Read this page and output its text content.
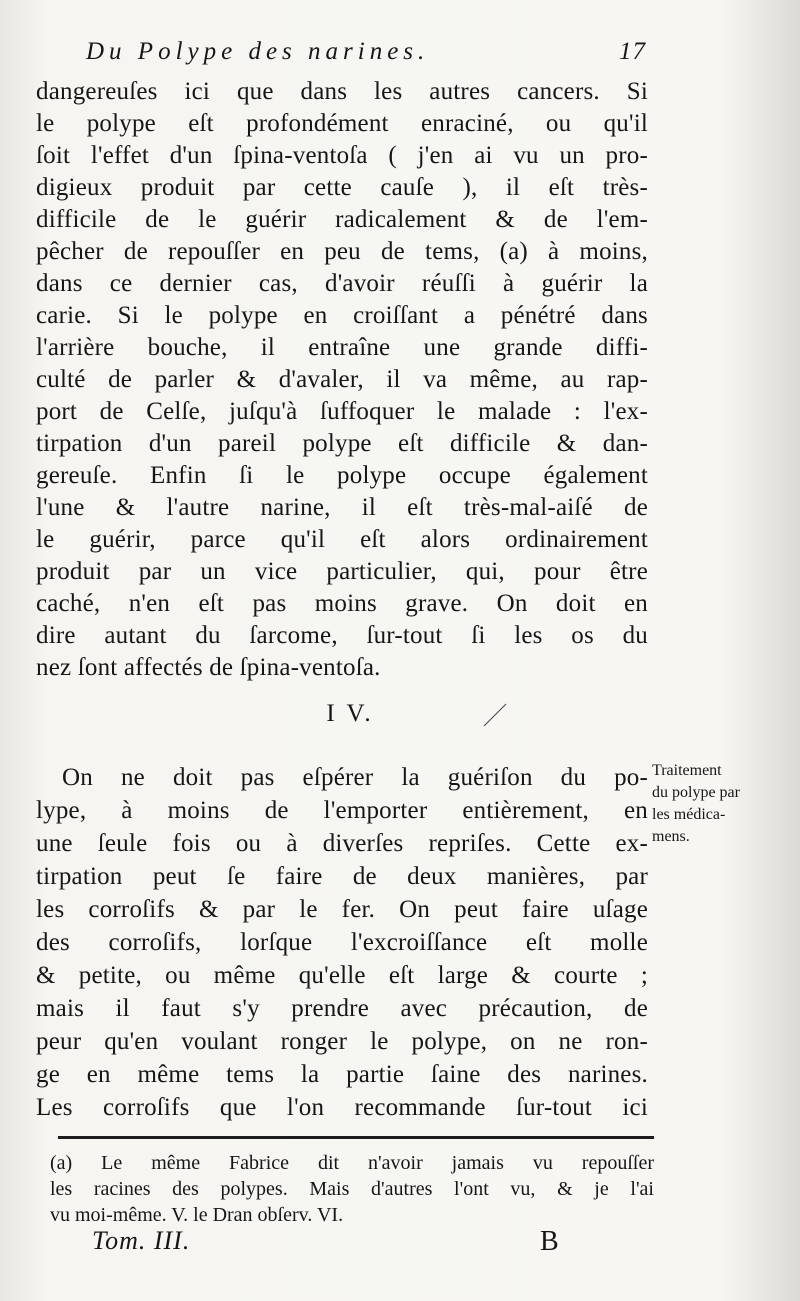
Du Polype des narines.	17

dangereuſes ici que dans les autres cancers. Si

le polype eſt profondément enraciné, ou qu'il

ſoit l'effet d'un ſpina-ventoſa ( j'en ai vu un pro-

digieux produit par cette cauſe ), il eſt très-

difficile de le guérir radicalement & de l'em-

pêcher de repouſſer en peu de tems, (a) à moins,

dans ce dernier cas, d'avoir réuſſi à guérir la

carie. Si le polype en croiſſant a pénétré dans

l'arrière bouche, il entraîne une grande diffi-

culté de parler & d'avaler, il va même, au rap-

port de Celſe, juſqu'à ſuffoquer le malade : l'ex-

tirpation d'un pareil polype eſt difficile & dan-

gereuſe. Enfin ſi le polype occupe également

l'une & l'autre narine, il eſt très-mal-aiſé de

le guérir, parce qu'il eſt alors ordinairement

produit par un vice particulier, qui, pour être

caché, n'en eſt pas moins grave. On doit en

dire autant du ſarcome, ſur-tout ſi les os du

nez ſont affectés de ſpina-ventoſa.

I V.

On ne doit pas eſpérer la guériſon du po-

lype, à moins de l'emporter entièrement, en

une ſeule fois ou à diverſes repriſes. Cette ex-

tirpation peut ſe faire de deux manières, par

les corroſifs & par le fer. On peut faire uſage

des corroſifs, lorſque l'excroiſſance eſt molle

& petite, ou même qu'elle eſt large & courte ;

mais il faut s'y prendre avec précaution, de

peur qu'en voulant ronger le polype, on ne ron-

ge en même tems la partie ſaine des narines.

Les corroſifs que l'on recommande ſur-tout ici

Traitement
du polype par
les médica-
mens.

(a) Le même Fabrice dit n'avoir jamais vu repouſſer

les racines des polypes. Mais d'autres l'ont vu, & je l'ai

vu moi-même. V. le Dran obſerv. VI.

Tom. III.	B
